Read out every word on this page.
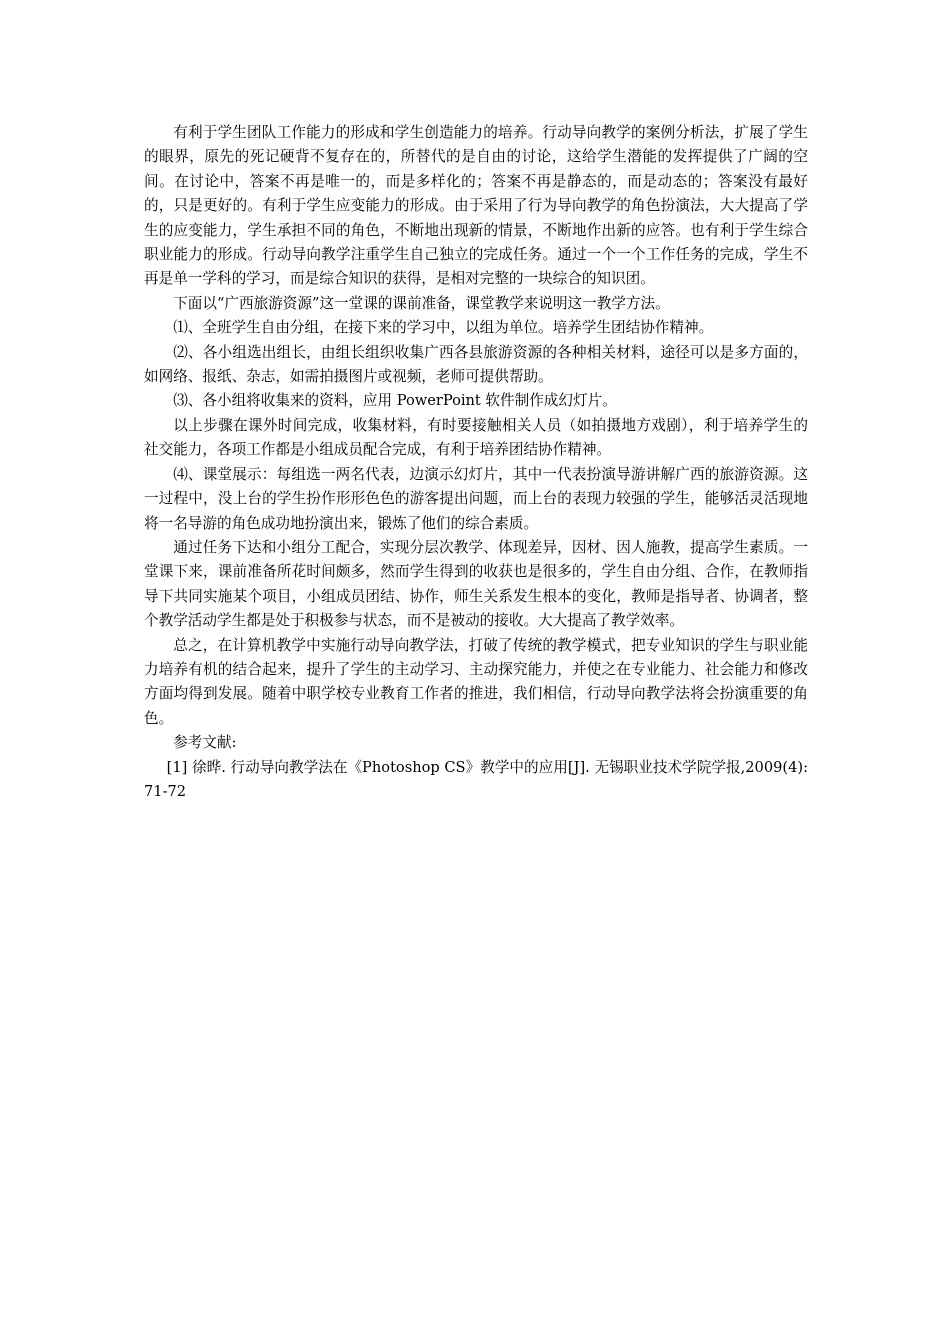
有利于学生团队工作能力的形成和学生创造能力的培养。行动导向教学的案例分析法，扩展了学生的眼界，原先的死记硬背不复存在的，所替代的是自由的讨论，这给学生潜能的发挥提供了广阔的空间。在讨论中，答案不再是唯一的，而是多样化的；答案不再是静态的，而是动态的；答案没有最好的，只是更好的。有利于学生应变能力的形成。由于采用了行为导向教学的角色扮演法，大大提高了学生的应变能力，学生承担不同的角色，不断地出现新的情景，不断地作出新的应答。也有利于学生综合职业能力的形成。行动导向教学注重学生自己独立的完成任务。通过一个一个工作任务的完成，学生不再是单一学科的学习，而是综合知识的获得，是相对完整的一块综合的知识团。

下面以“广西旅游资源”这一堂课的课前准备，课堂教学来说明这一教学方法。

⑴、全班学生自由分组，在接下来的学习中，以组为单位。培养学生团结协作精神。

⑵、各小组选出组长，由组长组织收集广西各县旅游资源的各种相关材料，途径可以是多方面的，如网络、报纸、杂志，如需拍摄图片或视频，老师可提供帮助。

⑶、各小组将收集来的资料，应用 PowerPoint 软件制作成幻灯片。

以上步骤在课外时间完成，收集材料，有时要接触相关人员（如拍摄地方戏剧），利于培养学生的社交能力，各项工作都是小组成员配合完成，有利于培养团结协作精神。

⑷、课堂展示：每组选一两名代表，边演示幻灯片，其中一代表扮演导游讲解广西的旅游资源。这一过程中，没上台的学生扮作形形色色的游客提出问题，而上台的表现力较强的学生，能够活灵活现地将一名导游的角色成功地扮演出来，锻炼了他们的综合素质。

通过任务下达和小组分工配合，实现分层次教学、体现差异，因材、因人施教，提高学生素质。一堂课下来，课前准备所花时间颇多，然而学生得到的收获也是很多的，学生自由分组、合作，在教师指导下共同实施某个项目，小组成员团结、协作，师生关系发生根本的变化，教师是指导者、协调者，整个教学活动学生都是处于积极参与状态，而不是被动的接收。大大提高了教学效率。

总之，在计算机教学中实施行动导向教学法，打破了传统的教学模式，把专业知识的学生与职业能力培养有机的结合起来，提升了学生的主动学习、主动探究能力，并使之在专业能力、社会能力和修改方面均得到发展。随着中职学校专业教育工作者的推进，我们相信，行动导向教学法将会扮演重要的角色。

参考文献:

[1] 徐晔. 行动导向教学法在《Photoshop CS》教学中的应用[J]. 无锡职业技术学院学报,2009(4):71-72
